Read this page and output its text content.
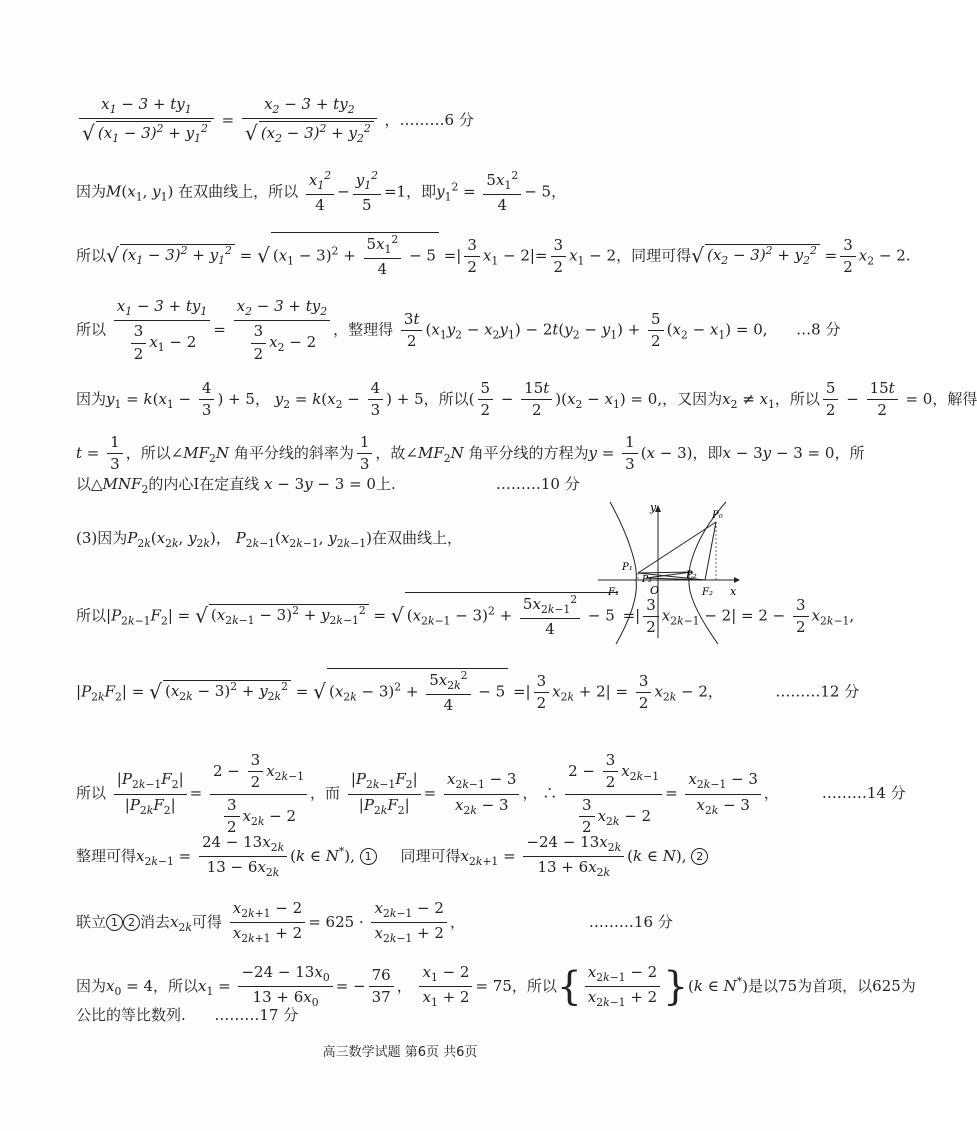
$\frac{x_1 - 3 + ty_1}{√ (x_1 - 3)^2 + y_1^2} = \frac{x_2 - 3 + ty_2}{√ (x_2 - 3)^2 + y_2^2}$ ，………6 分
因为$M(x_1$, $y_1$) 在双曲线上，所以 $\frac{x_1^2}{4} - \frac{y_1^2}{5} =1$，即$y_1^2 = \frac{5x_1^2}{4} - 5$，
所以√ $(x_1 - 3)^2 + y_1^2$ = √ $(x_1 - 3)^2 + \frac{5x_1^2}{4} - 5$ =| $\frac{3}{2} x_1 - 2|= \frac{3}{2} x_1 - 2$，同理可得√ $(x_2 - 3)^2 + y_2^2 = \frac{3}{2} x_2 - 2$.
所以 $\frac{x_1 - 3 + ty_1}{\frac{3}{2} x_1 - 2} = \frac{x_2 - 3 + ty_2}{\frac{3}{2} x_2 - 2}$ ，整理得 $\frac{3t}{2} (x_1y_2 - x_2y_1) - 2t(y_2 - y_1) + \frac{5}{2} (x_2 - x_1) = 0$,      …8 分
因为$y_1 = k(x_1 - \frac{4}{3}$ ) + 5， $y_2 = k(x_2 - \frac{4}{3}$ ) + 5，所以( $\frac{5}{2} - \frac{15t}{2} )(x_2 - x_1) = 0$,，又因为$x_2 \ne x_1$，所以 $\frac{5}{2} - \frac{15t}{2} = 0$，解得
$t = \frac{1}{3}$ ，所以$\angle MF_2N$ 角平分线的斜率为 $\frac{1}{3}$ ，故$\angle MF_2N$ 角平分线的方程为$y = \frac{1}{3} (x - 3)$，即x − 3y − 3 = 0，所
以$\triangle MNF_2$的内心I在定直线 x − 3y − 3 = 0上.	………10 分
(3)因为$P_{2k}(x_{2k}$, $y_{2k}$)， $P_{2k-1}(x_{2k-1}$, $y_{2k-1}$)在双曲线上，
所以$|P_{2k-1}F_2|$ = √ $(x_{2k-1} - 3)^2 + y_{2k-1}^2$ = √ $(x_{2k-1} - 3)^2 + \frac{5x_{2k-1}^2}{4} - 5$ =| $\frac{3}{2} x_{2k-1} - 2| = 2 - \frac{3}{2} x_{2k-1}$,
$|P_{2k}F_2|$ = √ $(x_{2k} - 3)^2 + y_{2k}^2$ = √ $(x_{2k} - 3)^2 + \frac{5x_{2k}^2}{4} - 5$ =| $\frac{3}{2} x_{2k} + 2| = \frac{3}{2} x_{2k} - 2$，           ………12 分
所以 $\frac{|P_{2k-1}F_2|}{|P_{2k}F_2|} = \frac{2 - \frac{3}{2} x_{2k-1}}{\frac{3}{2} x_{2k} - 2}$ ，而 $\frac{|P_{2k-1}F_2|}{|P_{2k}F_2|} = \frac{x_{2k-1} - 3}{x_{2k} - 3}$ ， ∴ $\frac{2 - \frac{3}{2} x_{2k-1}}{\frac{3}{2} x_{2k} - 2} = \frac{x_{2k-1} - 3}{x_{2k} - 3}$ ，         ………14 分
整理可得$x_{2k-1} = \frac{24 - 13x_{2k}}{13 - 6x_{2k}} (k$ ∈ N*), 1 同理可得$x_{2k+1} = \frac{-24 - 13x_{2k}}{13 + 6x_{2k}} (k$ ∈ N), 2
联立 1 2 消去$x_{2k}$可得 $\frac{x_{2k+1} - 2}{x_{2k+1} + 2} = 625 \cdot \frac{x_{2k-1} - 2}{x_{2k-1} + 2}$ ，                          ………16 分
因为$x_0 = 4$，所以$x_1 = \frac{-24 - 13x_0}{13 + 6x_0}$ = − $\frac{76}{37}$ ， $\frac{x_1 - 2}{x_1 + 2} = 75$，所以{ $\frac{x_{2k-1} - 2}{x_{2k-1} + 2} \}(k$ ∈ N*)是以75为首项，以625为
公比的等比数列. ………17 分
y
x
O
F₁	F₂
P₀
P₁
P₂
P₃
高三数学试题 第6页 共6页
